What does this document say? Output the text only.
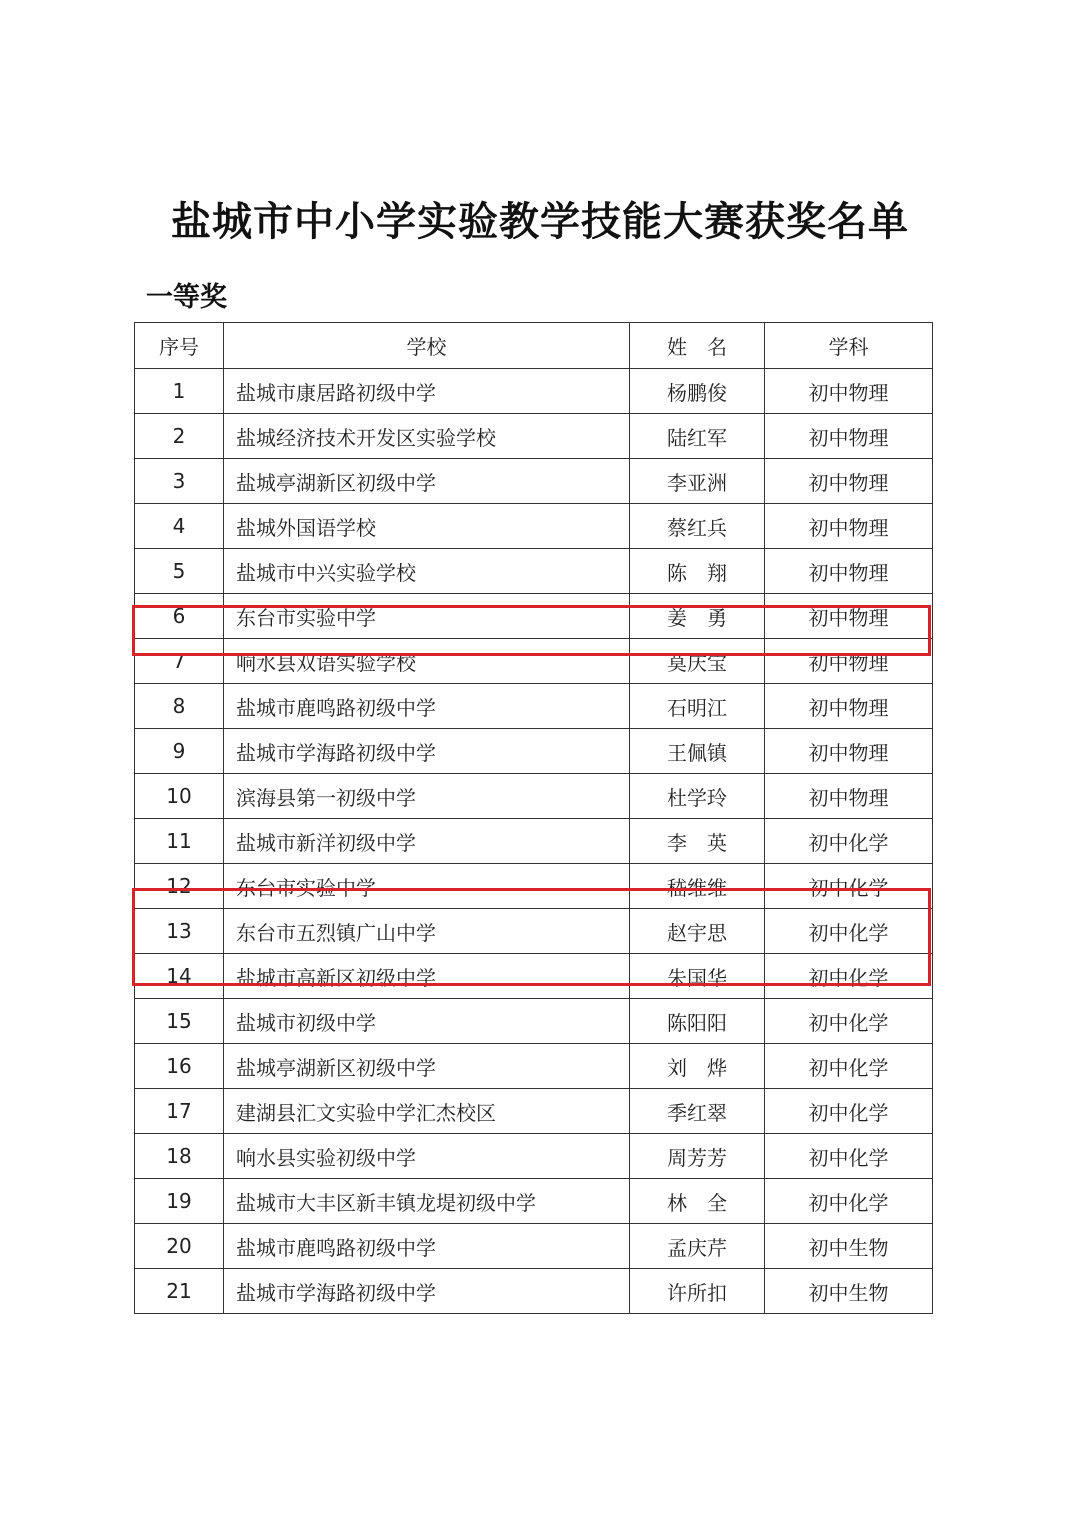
盐城市中小学实验教学技能大赛获奖名单
一等奖
序号	学校	姓　名	学科
1	盐城市康居路初级中学	杨鹏俊	初中物理
2	盐城经济技术开发区实验学校	陆红军	初中物理
3	盐城亭湖新区初级中学	李亚洲	初中物理
4	盐城外国语学校	蔡红兵	初中物理
5	盐城市中兴实验学校	陈　翔	初中物理
6	东台市实验中学	姜　勇	初中物理
7	响水县双语实验学校	莫庆宝	初中物理
8	盐城市鹿鸣路初级中学	石明江	初中物理
9	盐城市学海路初级中学	王佩镇	初中物理
10	滨海县第一初级中学	杜学玲	初中物理
11	盐城市新洋初级中学	李　英	初中化学
12	东台市实验中学	嵇维维	初中化学
13	东台市五烈镇广山中学	赵宇思	初中化学
14	盐城市高新区初级中学	朱国华	初中化学
15	盐城市初级中学	陈阳阳	初中化学
16	盐城亭湖新区初级中学	刘　烨	初中化学
17	建湖县汇文实验中学汇杰校区	季红翠	初中化学
18	响水县实验初级中学	周芳芳	初中化学
19	盐城市大丰区新丰镇龙堤初级中学	林　全	初中化学
20	盐城市鹿鸣路初级中学	孟庆芹	初中生物
21	盐城市学海路初级中学	许所扣	初中生物
